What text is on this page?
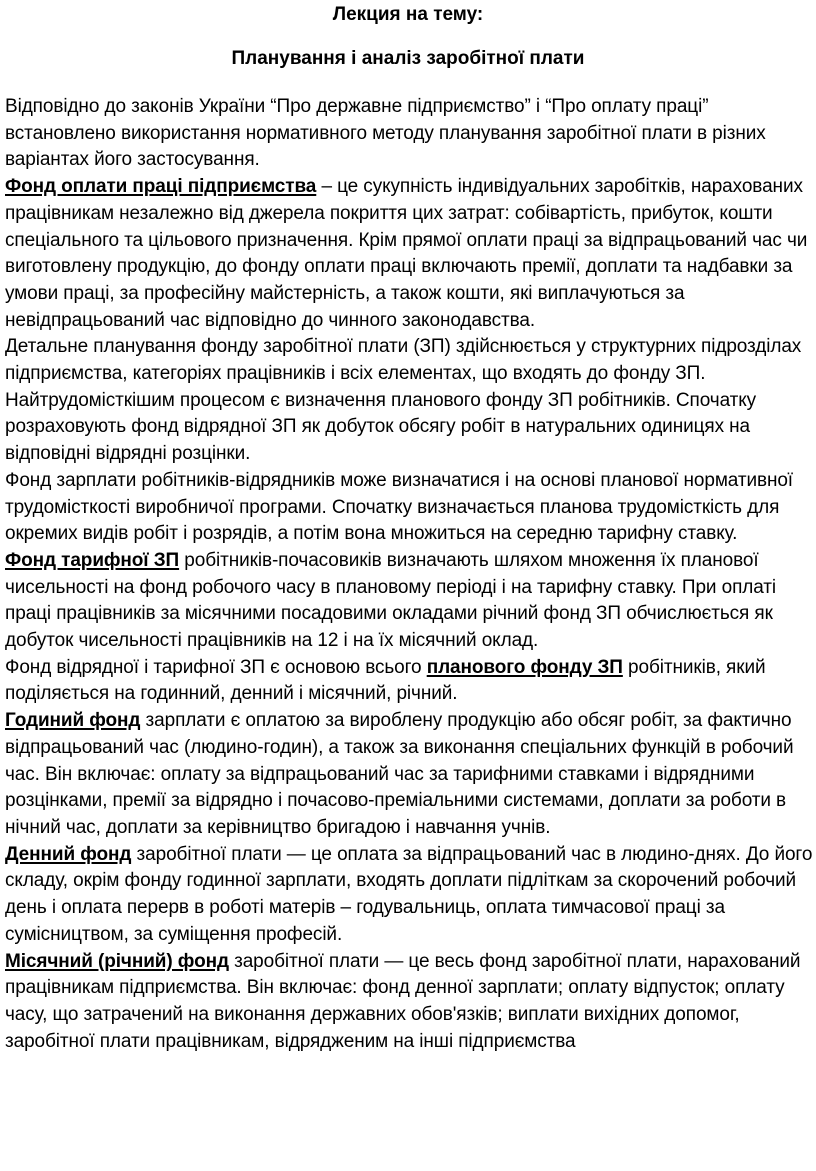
Лекция на тему:
Планування і аналіз заробітної плати

Відповідно до законів України “Про державне підприємство” і “Про оплату праці” встановлено використання нормативного методу планування заробітної плати в різних варіантах його застосування.

Фонд оплати праці підприємства – це сукупність індивідуальних заробітків, нарахованих працівникам незалежно від джерела покриття цих затрат: собівартість, прибуток, кошти спеціального та цільового призначення. Крім прямої оплати праці за відпрацьований час чи виготовлену продукцію, до фонду оплати праці включають премії, доплати та надбавки за умови праці, за професійну майстерність, а також кошти, які виплачуються за невідпрацьований час відповідно до чинного законодавства.

Детальне планування фонду заробітної плати (ЗП) здійснюється у структурних підрозділах підприємства, категоріях працівників і всіх елементах, що входять до фонду ЗП.

Найтрудомісткішим процесом є визначення планового фонду ЗП робітників. Спочатку розраховують фонд відрядної ЗП як добуток обсягу робіт в натуральних одиницях на відповідні відрядні розцінки.

Фонд зарплати робітників-відрядників може визначатися і на основі планової нормативної трудомісткості виробничої програми. Спочатку визначається планова трудомісткість для окремих видів робіт і розрядів, а потім вона множиться на середню тарифну ставку.

Фонд тарифної ЗП робітників-почасовиків визначають шляхом множення їх планової чисельності на фонд робочого часу в плановому періоді і на тарифну ставку. При оплаті праці працівників за місячними посадовими окладами річний фонд ЗП обчислюється як добуток чисельності працівників на 12 і на їх місячний оклад.

Фонд відрядної і тарифної ЗП є основою всього планового фонду ЗП робітників, який поділяється на годинний, денний і місячний, річний.

Годиний фонд зарплати є оплатою за вироблену продукцію або обсяг робіт, за фактично відпрацьований час (людино-годин), а також за виконання спеціальних функцій в робочий час. Він включає: оплату за відпрацьований час за тарифними ставками і відрядними розцінками, премії за відрядно і почасово-преміальними системами, доплати за роботи в нічний час, доплати за керівництво бригадою і навчання учнів.

Денний фонд заробітної плати — це оплата за відпрацьований час в людино-днях. До його складу, окрім фонду годинної зарплати, входять доплати підліткам за скорочений робочий день і оплата перерв в роботі матерів – годувальниць, оплата тимчасової праці за сумісництвом, за суміщення професій.

Місячний (річний) фонд заробітної плати — це весь фонд заробітної плати, нарахований працівникам підприємства. Він включає: фонд денної зарплати; оплату відпусток; оплату часу, що затрачений на виконання державних обов'язків; виплати вихідних допомог, заробітної плати працівникам, відрядженим на інші підприємства
